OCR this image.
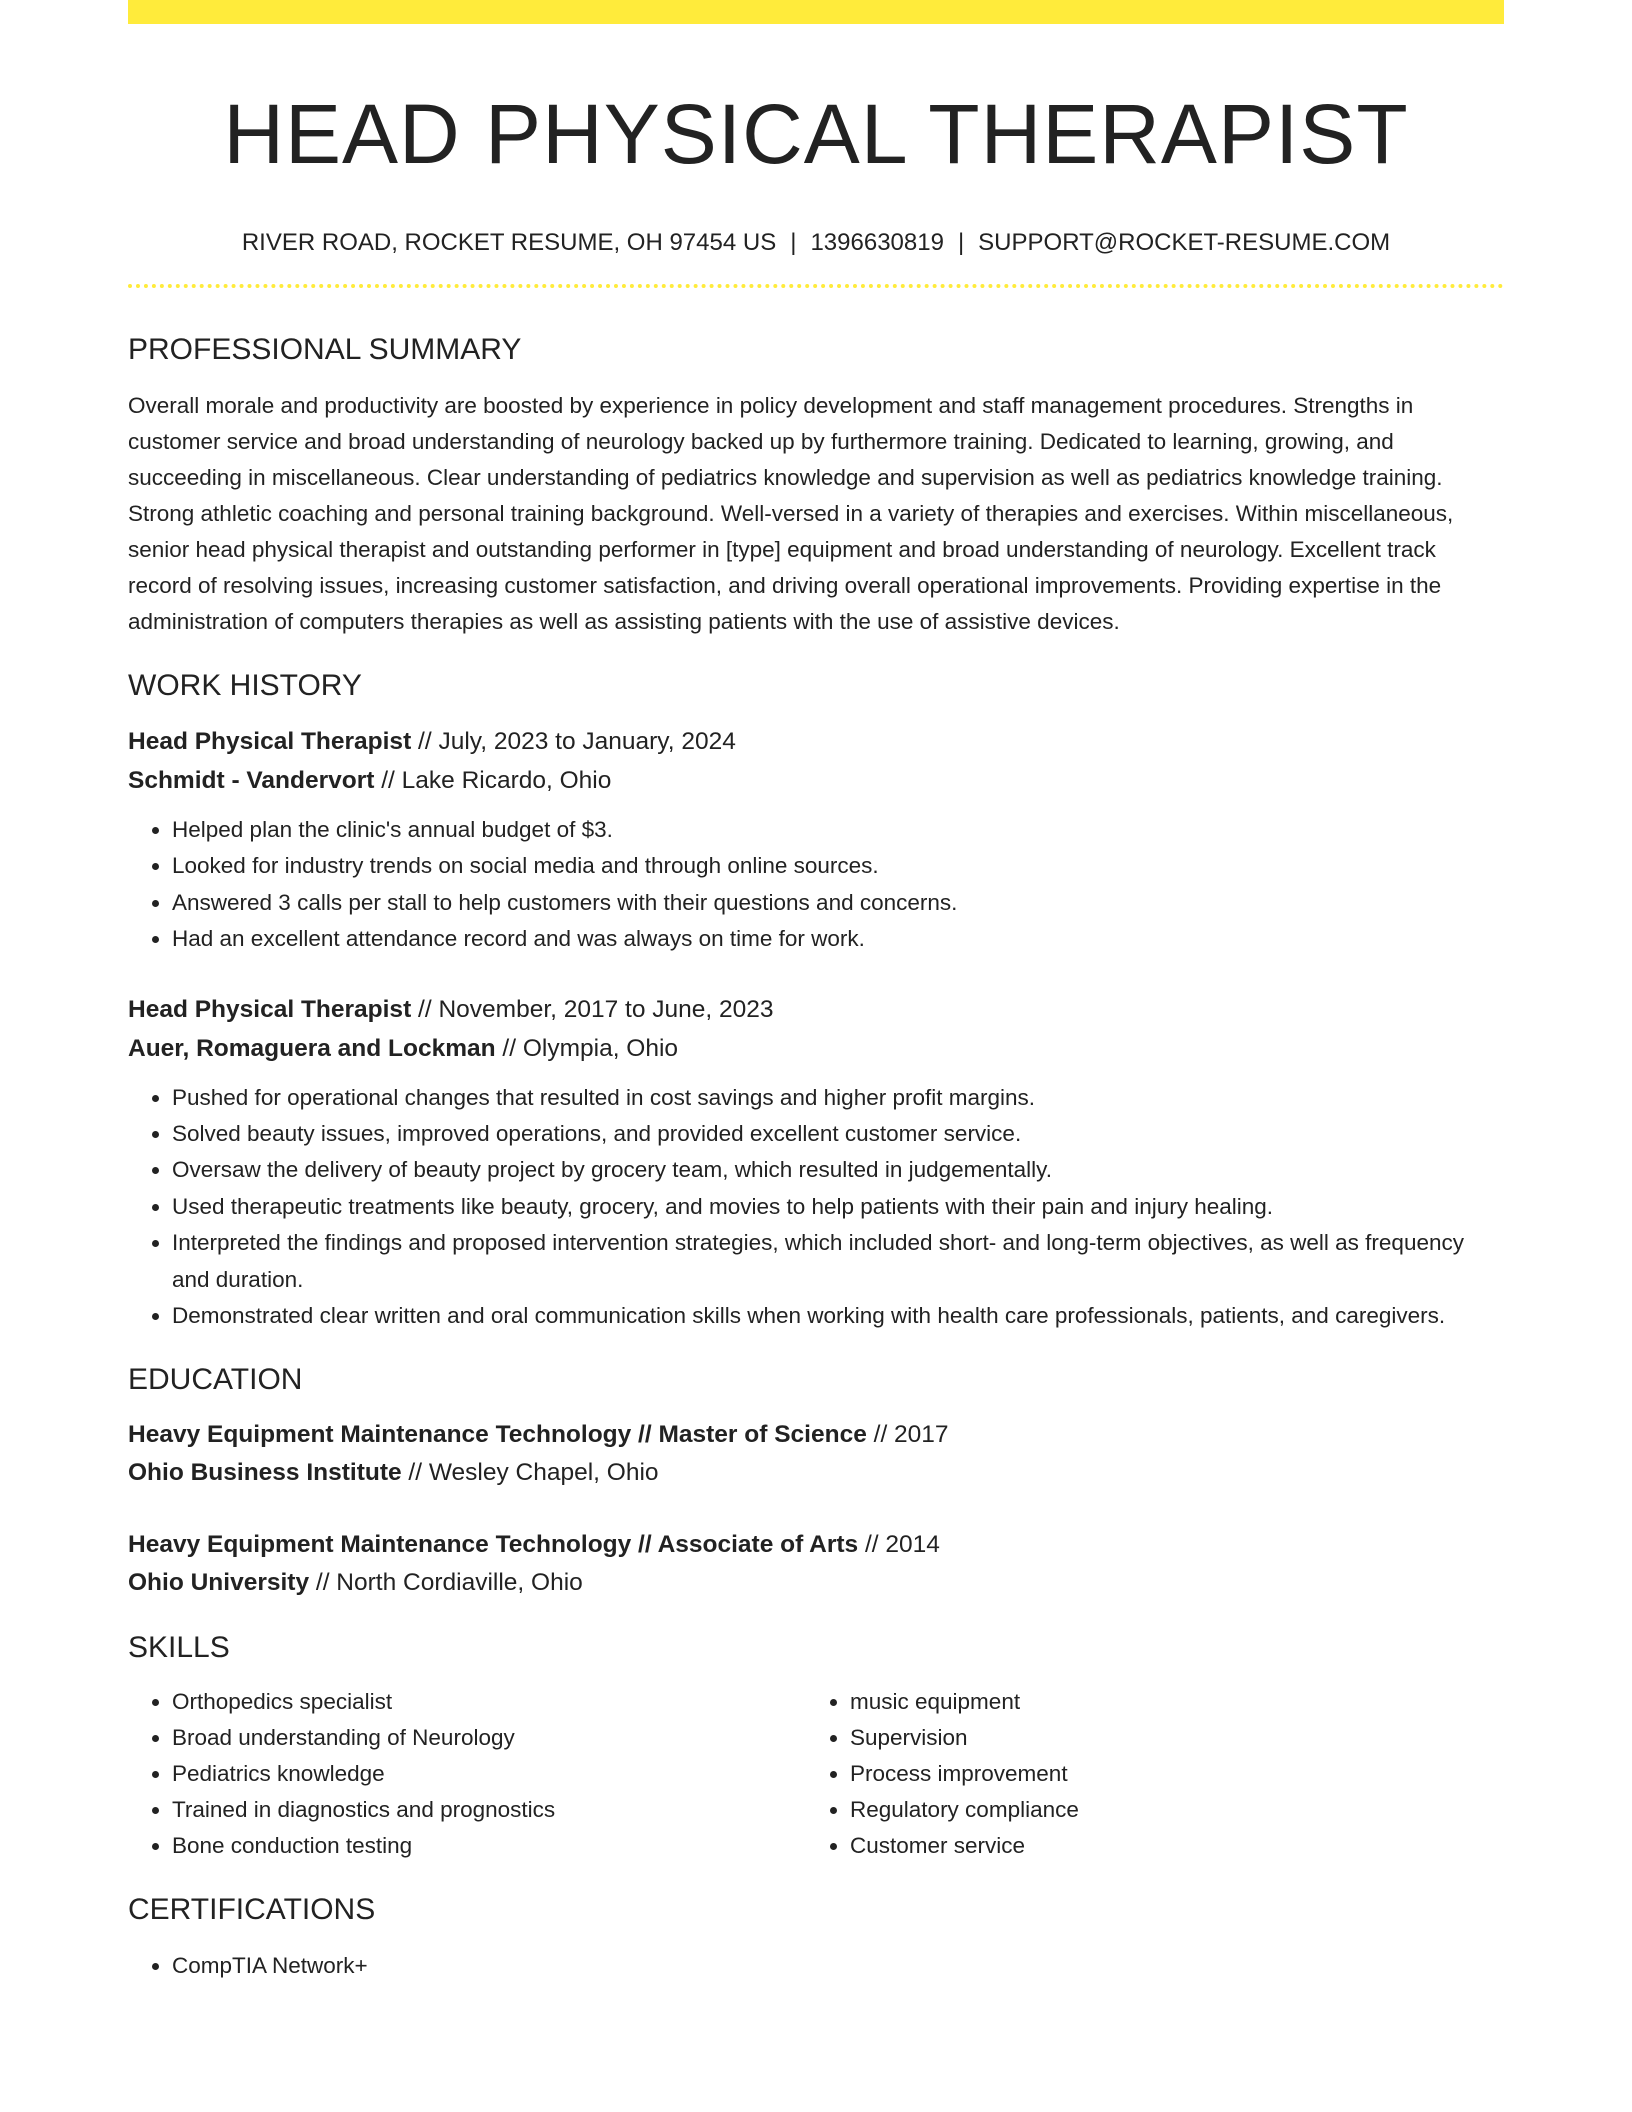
HEAD PHYSICAL THERAPIST
RIVER ROAD, ROCKET RESUME, OH 97454 US | 1396630819 | SUPPORT@ROCKET-RESUME.COM
PROFESSIONAL SUMMARY
Overall morale and productivity are boosted by experience in policy development and staff management procedures. Strengths in customer service and broad understanding of neurology backed up by furthermore training. Dedicated to learning, growing, and succeeding in miscellaneous. Clear understanding of pediatrics knowledge and supervision as well as pediatrics knowledge training. Strong athletic coaching and personal training background. Well-versed in a variety of therapies and exercises. Within miscellaneous, senior head physical therapist and outstanding performer in [type] equipment and broad understanding of neurology. Excellent track record of resolving issues, increasing customer satisfaction, and driving overall operational improvements. Providing expertise in the administration of computers therapies as well as assisting patients with the use of assistive devices.
WORK HISTORY
Head Physical Therapist // July, 2023 to January, 2024
Schmidt - Vandervort // Lake Ricardo, Ohio
• Helped plan the clinic's annual budget of $3.
• Looked for industry trends on social media and through online sources.
• Answered 3 calls per stall to help customers with their questions and concerns.
• Had an excellent attendance record and was always on time for work.
Head Physical Therapist // November, 2017 to June, 2023
Auer, Romaguera and Lockman // Olympia, Ohio
• Pushed for operational changes that resulted in cost savings and higher profit margins.
• Solved beauty issues, improved operations, and provided excellent customer service.
• Oversaw the delivery of beauty project by grocery team, which resulted in judgementally.
• Used therapeutic treatments like beauty, grocery, and movies to help patients with their pain and injury healing.
• Interpreted the findings and proposed intervention strategies, which included short- and long-term objectives, as well as frequency and duration.
• Demonstrated clear written and oral communication skills when working with health care professionals, patients, and caregivers.
EDUCATION
Heavy Equipment Maintenance Technology // Master of Science // 2017
Ohio Business Institute // Wesley Chapel, Ohio
Heavy Equipment Maintenance Technology // Associate of Arts // 2014
Ohio University // North Cordiaville, Ohio
SKILLS
• Orthopedics specialist
• Broad understanding of Neurology
• Pediatrics knowledge
• Trained in diagnostics and prognostics
• Bone conduction testing
• music equipment
• Supervision
• Process improvement
• Regulatory compliance
• Customer service
CERTIFICATIONS
• CompTIA Network+
